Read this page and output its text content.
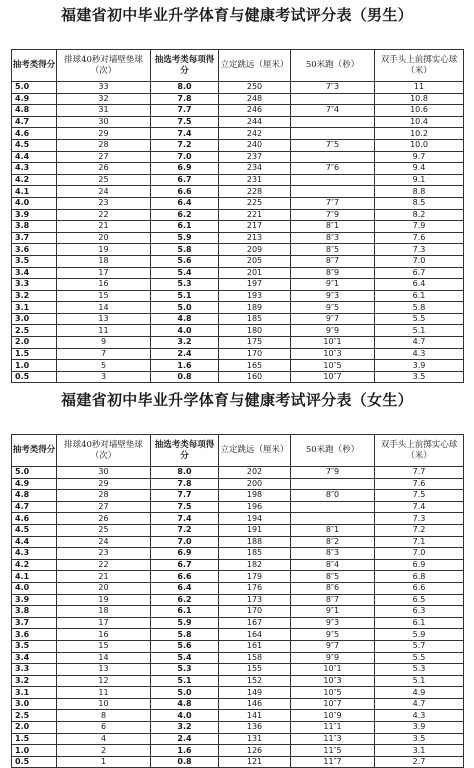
福建省初中毕业升学体育与健康考试评分表（男生）
抽考类得分	排球40秒对墙壁垫球（次）	抽选考类每项得分	立定跳远（厘米）	50米跑（秒）	双手头上前掷实心球（米）
5.0	33	8.0	250	7″3	11
4.9	32	7.8	248		10.8
4.8	31	7.7	246	7″4	10.6
4.7	30	7.5	244		10.4
4.6	29	7.4	242		10.2
4.5	28	7.2	240	7″5	10.0
4.4	27	7.0	237		9.7
4.3	26	6.9	234	7″6	9.4
4.2	25	6.7	231		9.1
4.1	24	6.6	228		8.8
4.0	23	6.4	225	7″7	8.5
3.9	22	6.2	221	7″9	8.2
3.8	21	6.1	217	8″1	7.9
3.7	20	5.9	213	8″3	7.6
3.6	19	5.8	209	8″5	7.3
3.5	18	5.6	205	8″7	7.0
3.4	17	5.4	201	8″9	6.7
3.3	16	5.3	197	9″1	6.4
3.2	15	5.1	193	9″3	6.1
3.1	14	5.0	189	9″5	5.8
3.0	13	4.8	185	9″7	5.5
2.5	11	4.0	180	9″9	5.1
2.0	9	3.2	175	10″1	4.7
1.5	7	2.4	170	10″3	4.3
1.0	5	1.6	165	10″5	3.9
0.5	3	0.8	160	10″7	3.5
福建省初中毕业升学体育与健康考试评分表（女生）
抽考类得分	排球40秒对墙壁垫球（次）	抽选考类每项得分	立定跳远（厘米）	50米跑（秒）	双手头上前掷实心球（米）
5.0	30	8.0	202	7″9	7.7
4.9	29	7.8	200		7.6
4.8	28	7.7	198	8″0	7.5
4.7	27	7.5	196		7.4
4.6	26	7.4	194		7.3
4.5	25	7.2	191	8″1	7.2
4.4	24	7.0	188	8″2	7.1
4.3	23	6.9	185	8″3	7.0
4.2	22	6.7	182	8″4	6.9
4.1	21	6.6	179	8″5	6.8
4.0	20	6.4	176	8″6	6.6
3.9	19	6.2	173	8″7	6.5
3.8	18	6.1	170	9″1	6.3
3.7	17	5.9	167	9″3	6.1
3.6	16	5.8	164	9″5	5.9
3.5	15	5.6	161	9″7	5.7
3.4	14	5.4	158	9″9	5.5
3.3	13	5.3	155	10″1	5.3
3.2	12	5.1	152	10″3	5.1
3.1	11	5.0	149	10″5	4.9
3.0	10	4.8	146	10″7	4.7
2.5	8	4.0	141	10″9	4.3
2.0	6	3.2	136	11″1	3.9
1.5	4	2.4	131	11″3	3.5
1.0	2	1.6	126	11″5	3.1
0.5	1	0.8	121	11″7	2.7
